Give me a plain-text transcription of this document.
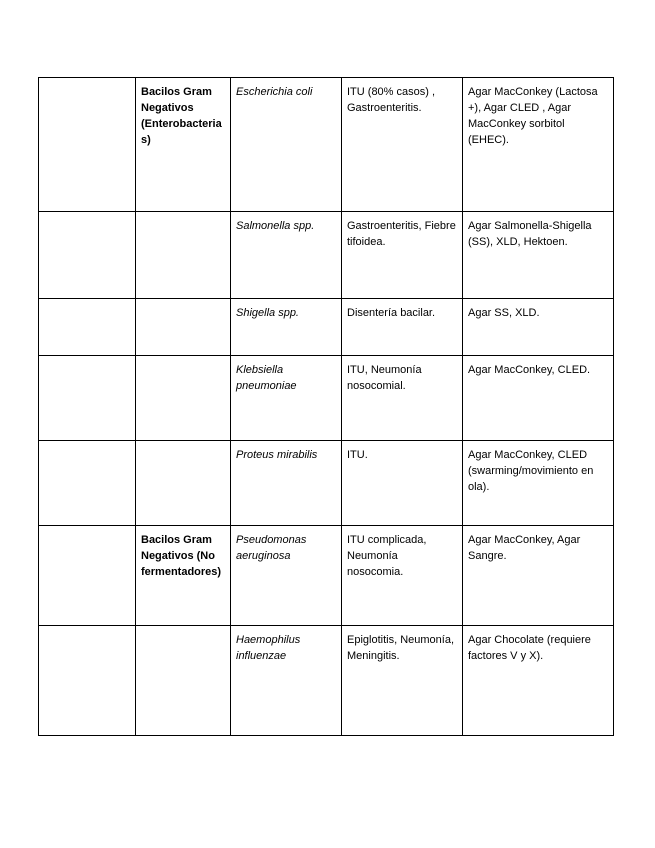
	Bacilos Gram Negativos (Enterobacterias)	Escherichia coli	ITU (80% casos) , Gastroenteritis.	Agar MacConkey (Lactosa +), Agar CLED , Agar MacConkey sorbitol (EHEC).
		Salmonella spp.	Gastroenteritis, Fiebre tifoidea.	Agar Salmonella-Shigella (SS), XLD, Hektoen.
		Shigella spp.	Disentería bacilar.	Agar SS, XLD.
		Klebsiella pneumoniae	ITU, Neumonía nosocomial.	Agar MacConkey, CLED.
		Proteus mirabilis	ITU.	Agar MacConkey, CLED (swarming/movimiento en ola).
	Bacilos Gram Negativos (No fermentadores)	Pseudomonas aeruginosa	ITU complicada, Neumonía nosocomia.	Agar MacConkey, Agar Sangre.
		Haemophilus influenzae	Epiglotitis, Neumonía, Meningitis.	Agar Chocolate (requiere factores V y X).
